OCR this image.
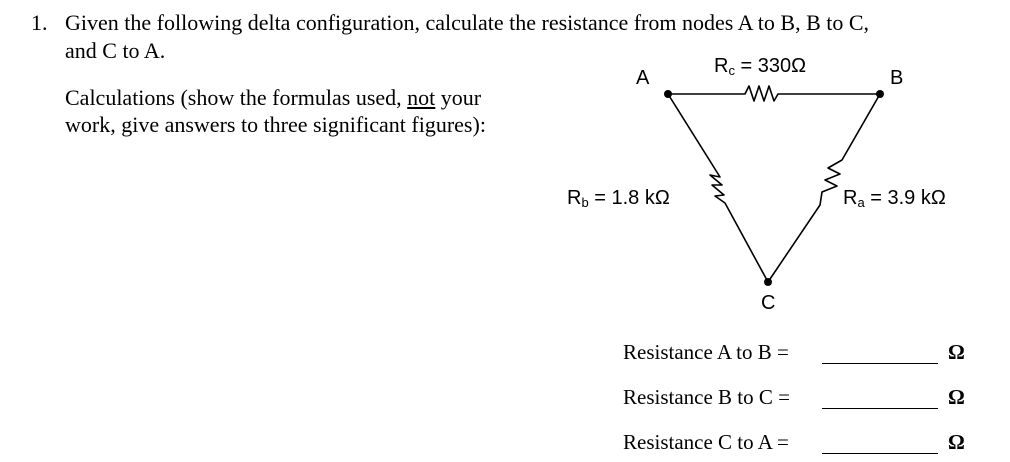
1. Given the following delta configuration, calculate the resistance from nodes A to B, B to C,
and C to A.
Calculations (show the formulas used, not your
work, give answers to three significant figures):
A	B
C
Rc = 330Ω
Rb = 1.8 kΩ	Ra = 3.9 kΩ
Resistance A to B =	Ω
Resistance B to C =	Ω
Resistance C to A =	Ω
